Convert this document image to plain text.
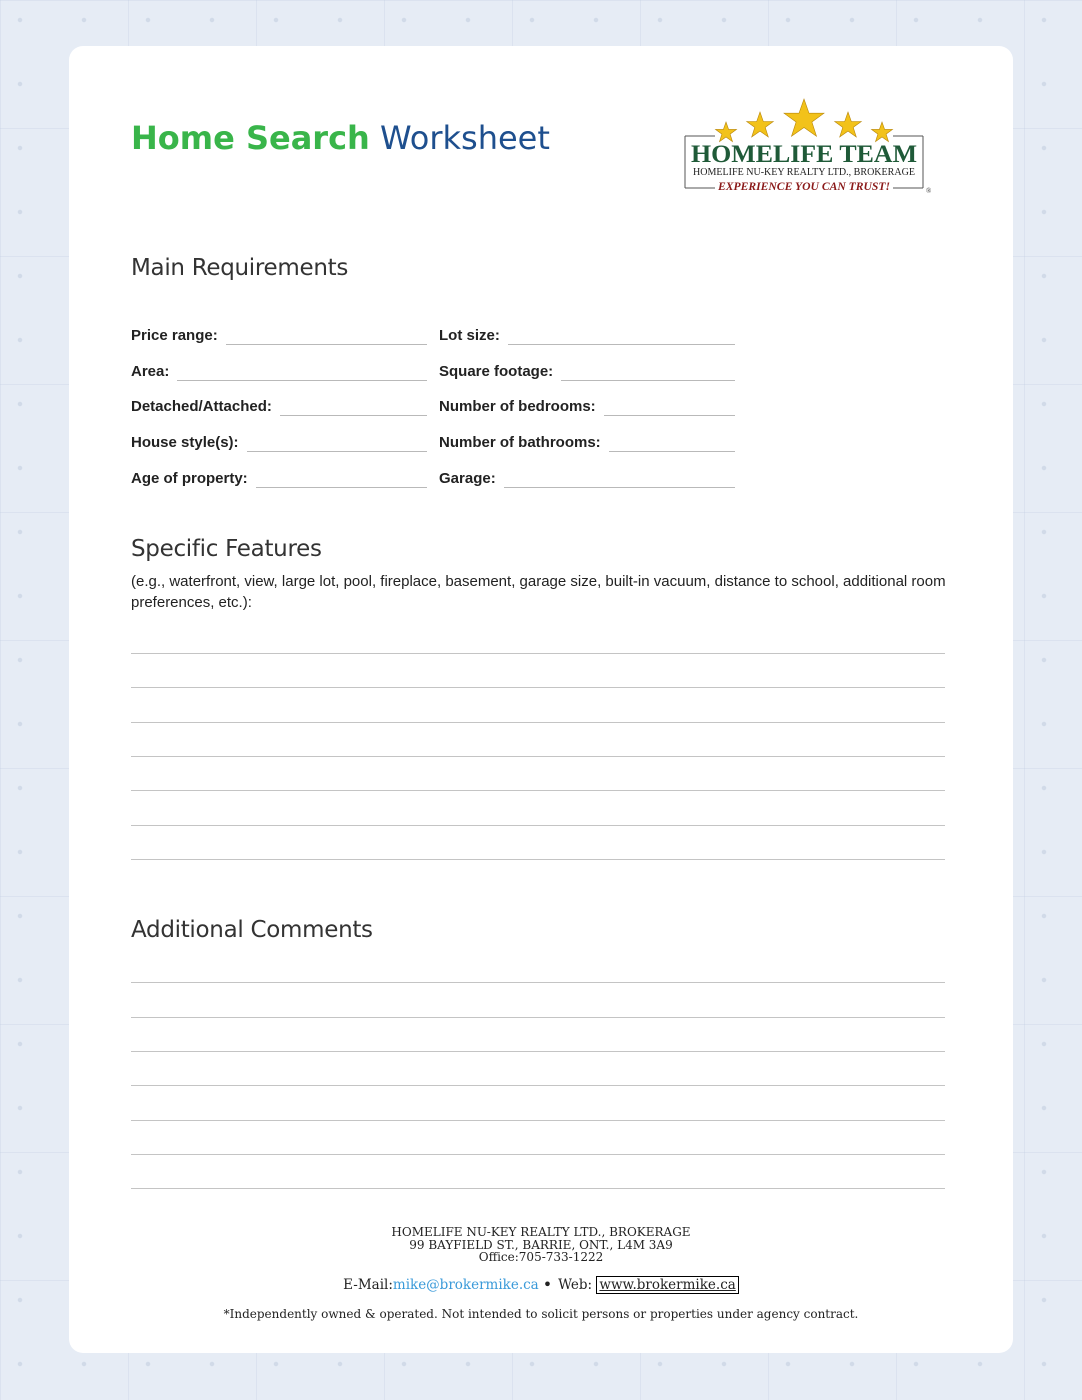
Home Search Worksheet	HOMELIFE TEAM
HOMELIFE NU-KEY REALTY LTD., BROKERAGE
EXPERIENCE YOU CAN TRUST!	®
Main Requirements
Price range:
Area:
Detached/Attached:
House style(s):
Age of property:
Lot size:
Square footage:
Number of bedrooms:
Number of bathrooms:
Garage:
Specific Features

(e.g., waterfront, view, large lot, pool, fireplace, basement, garage size, built-in vacuum, distance to school, additional room preferences, etc.):

Additional Comments
HOMELIFE NU-KEY REALTY LTD., BROKERAGE
99 BAYFIELD ST., BARRIE, ONT., L4M 3A9
Office:705-733-1222
E-Mail:mike@brokermike.ca • Web: www.brokermike.ca
*Independently owned & operated. Not intended to solicit persons or properties under agency contract.
